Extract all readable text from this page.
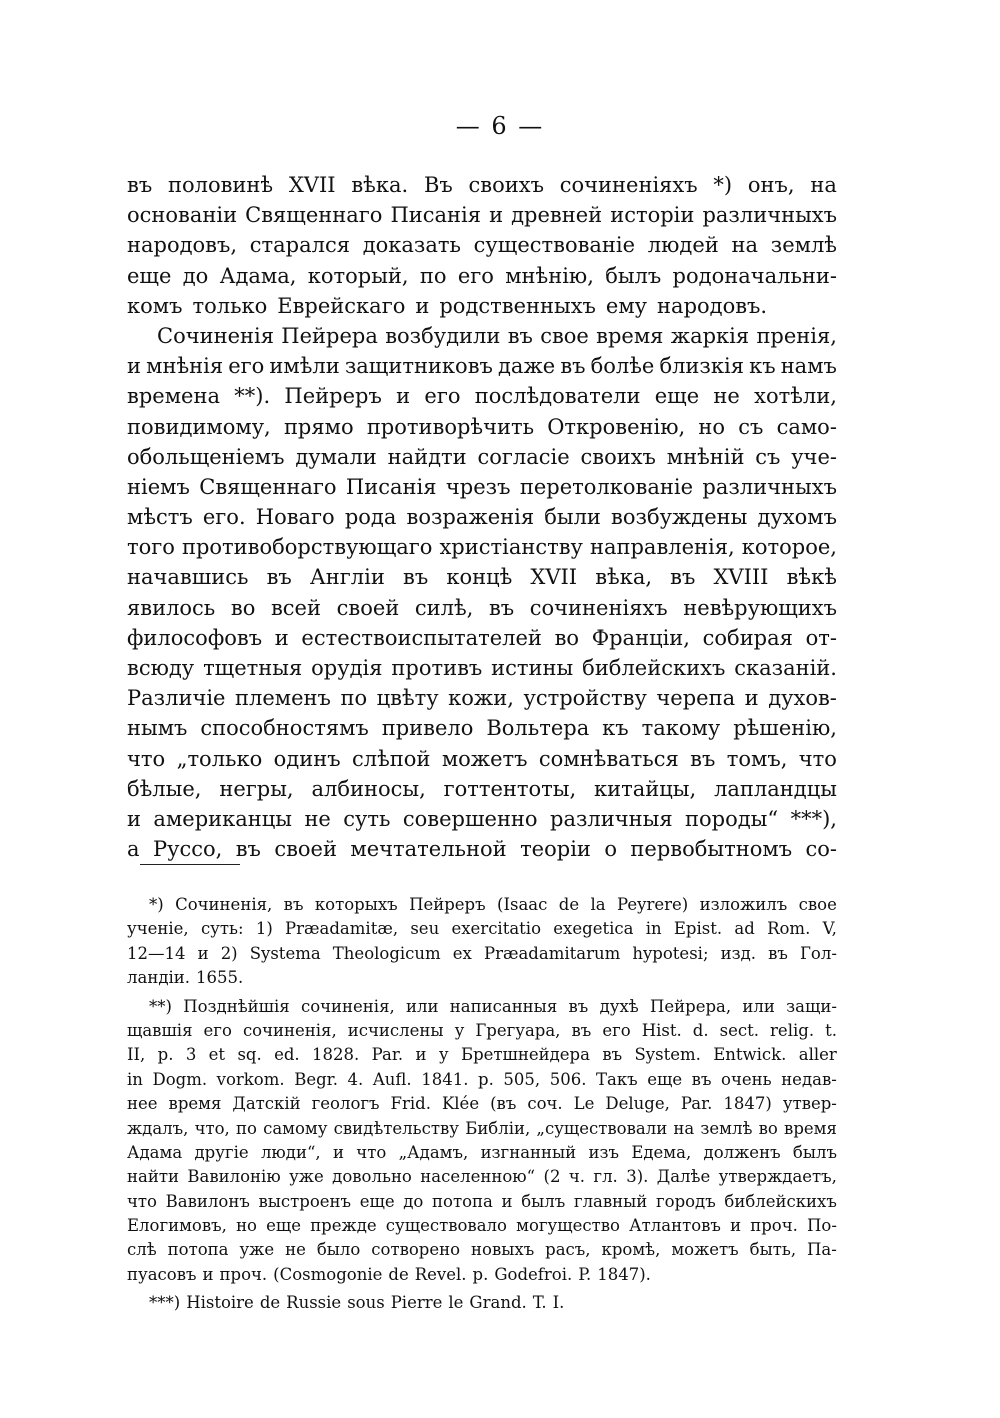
— 6 —
въ половинѣ XVII вѣка. Въ своихъ сочиненіяхъ *) онъ, на
основаніи Священнаго Писанія и древней исторіи различныхъ
народовъ, старался доказать существованіе людей на землѣ
еще до Адама, который, по его мнѣнію, былъ родоначальни-
комъ только Еврейскаго и родственныхъ ему народовъ.
Сочиненія Пейрера возбудили въ свое время жаркія пренія,
и мнѣнія его имѣли защитниковъ даже въ болѣе близкія къ намъ
времена **). Пейреръ и его послѣдователи еще не хотѣли,
повидимому, прямо противорѣчить Откровенію, но съ само-
обольщеніемъ думали найдти согласіе своихъ мнѣній съ уче-
ніемъ Священнаго Писанія чрезъ перетолкованіе различныхъ
мѣстъ его. Новаго рода возраженія были возбуждены духомъ
того противоборствующаго христіанству направленія, которое,
начавшись въ Англіи въ концѣ XVII вѣка, въ XVIII вѣкѣ
явилось во всей своей силѣ, въ сочиненіяхъ невѣрующихъ
философовъ и естествоиспытателей во Франціи, собирая от-
всюду тщетныя орудія противъ истины библейскихъ сказаній.
Различіе племенъ по цвѣту кожи, устройству черепа и духов-
нымъ способностямъ привело Вольтера къ такому рѣшенію,
что „только одинъ слѣпой можетъ сомнѣваться въ томъ, что
бѣлые, негры, албиносы, готтентоты, китайцы, лапландцы
и американцы не суть совершенно различныя породы“ ***),
а Руссо, въ своей мечтательной теоріи о первобытномъ со-
*) Сочиненія, въ которыхъ Пейреръ (Isaac de la Peyrere) изложилъ свое
ученіе, суть: 1) Præadamitæ, seu exercitatio exegetica in Epist. ad Rom. V,
12—14 и 2) Systema Theologicum ex Præadamitarum hypotesi; изд. въ Гол-
ландіи. 1655.
**) Позднѣйшія сочиненія, или написанныя въ духѣ Пейрера, или защи-
щавшія его сочиненія, исчислены у Грегуара, въ его Hist. d. sect. relig. t.
II, p. 3 et sq. ed. 1828. Par. и у Бретшнейдера въ System. Entwick. aller
in Dogm. vorkom. Begr. 4. Aufl. 1841. p. 505, 506. Такъ еще въ очень недав-
нее время Датскій геологъ Frid. Klée (въ соч. Le Deluge, Par. 1847) утвер-
ждалъ, что, по самому свидѣтельству Библіи, „существовали на землѣ во время
Адама другіе люди“, и что „Адамъ, изгнанный изъ Едема, долженъ былъ
найти Вавилонію уже довольно населенною“ (2 ч. гл. 3). Далѣе утверждаетъ,
что Вавилонъ выстроенъ еще до потопа и былъ главный городъ библейскихъ
Елогимовъ, но еще прежде существовало могущество Атлантовъ и проч. По-
слѣ потопа уже не было сотворено новыхъ расъ, кромѣ, можетъ быть, Па-
пуасовъ и проч. (Cosmogonie de Revel. p. Godefroi. P. 1847).
***) Histoire de Russie sous Pierre le Grand. T. I.
